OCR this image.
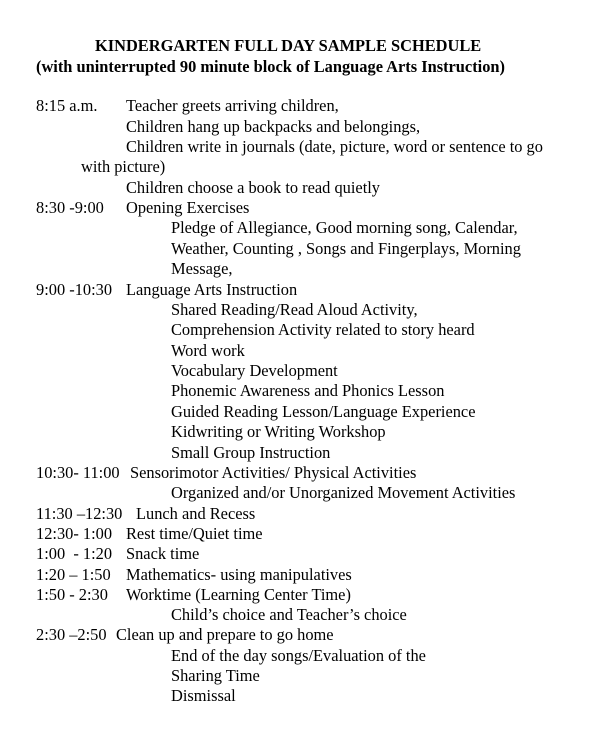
KINDERGARTEN FULL DAY SAMPLE SCHEDULE
(with uninterrupted 90 minute block of Language Arts Instruction)
8:15 a.m. Teacher greets arriving children,
Children hang up backpacks and belongings,
Children write in journals (date, picture, word or sentence to go
with picture)
Children choose a book to read quietly
8:30 -9:00 Opening Exercises
Pledge of Allegiance, Good morning song, Calendar,
Weather, Counting , Songs and Fingerplays, Morning
Message,
9:00 -10:30 Language Arts Instruction
Shared Reading/Read Aloud Activity,
Comprehension Activity related to story heard
Word work
Vocabulary Development
Phonemic Awareness and Phonics Lesson
Guided Reading Lesson/Language Experience
Kidwriting or Writing Workshop
Small Group Instruction
10:30- 11:00 Sensorimotor Activities/ Physical Activities
Organized and/or Unorganized Movement Activities
11:30 –12:30 Lunch and Recess
12:30- 1:00 Rest time/Quiet time
1:00  - 1:20 Snack time
1:20 – 1:50 Mathematics- using manipulatives
1:50 - 2:30 Worktime (Learning Center Time)
Child’s choice and Teacher’s choice
2:30 –2:50 Clean up and prepare to go home
End of the day songs/Evaluation of the
Sharing Time
Dismissal
